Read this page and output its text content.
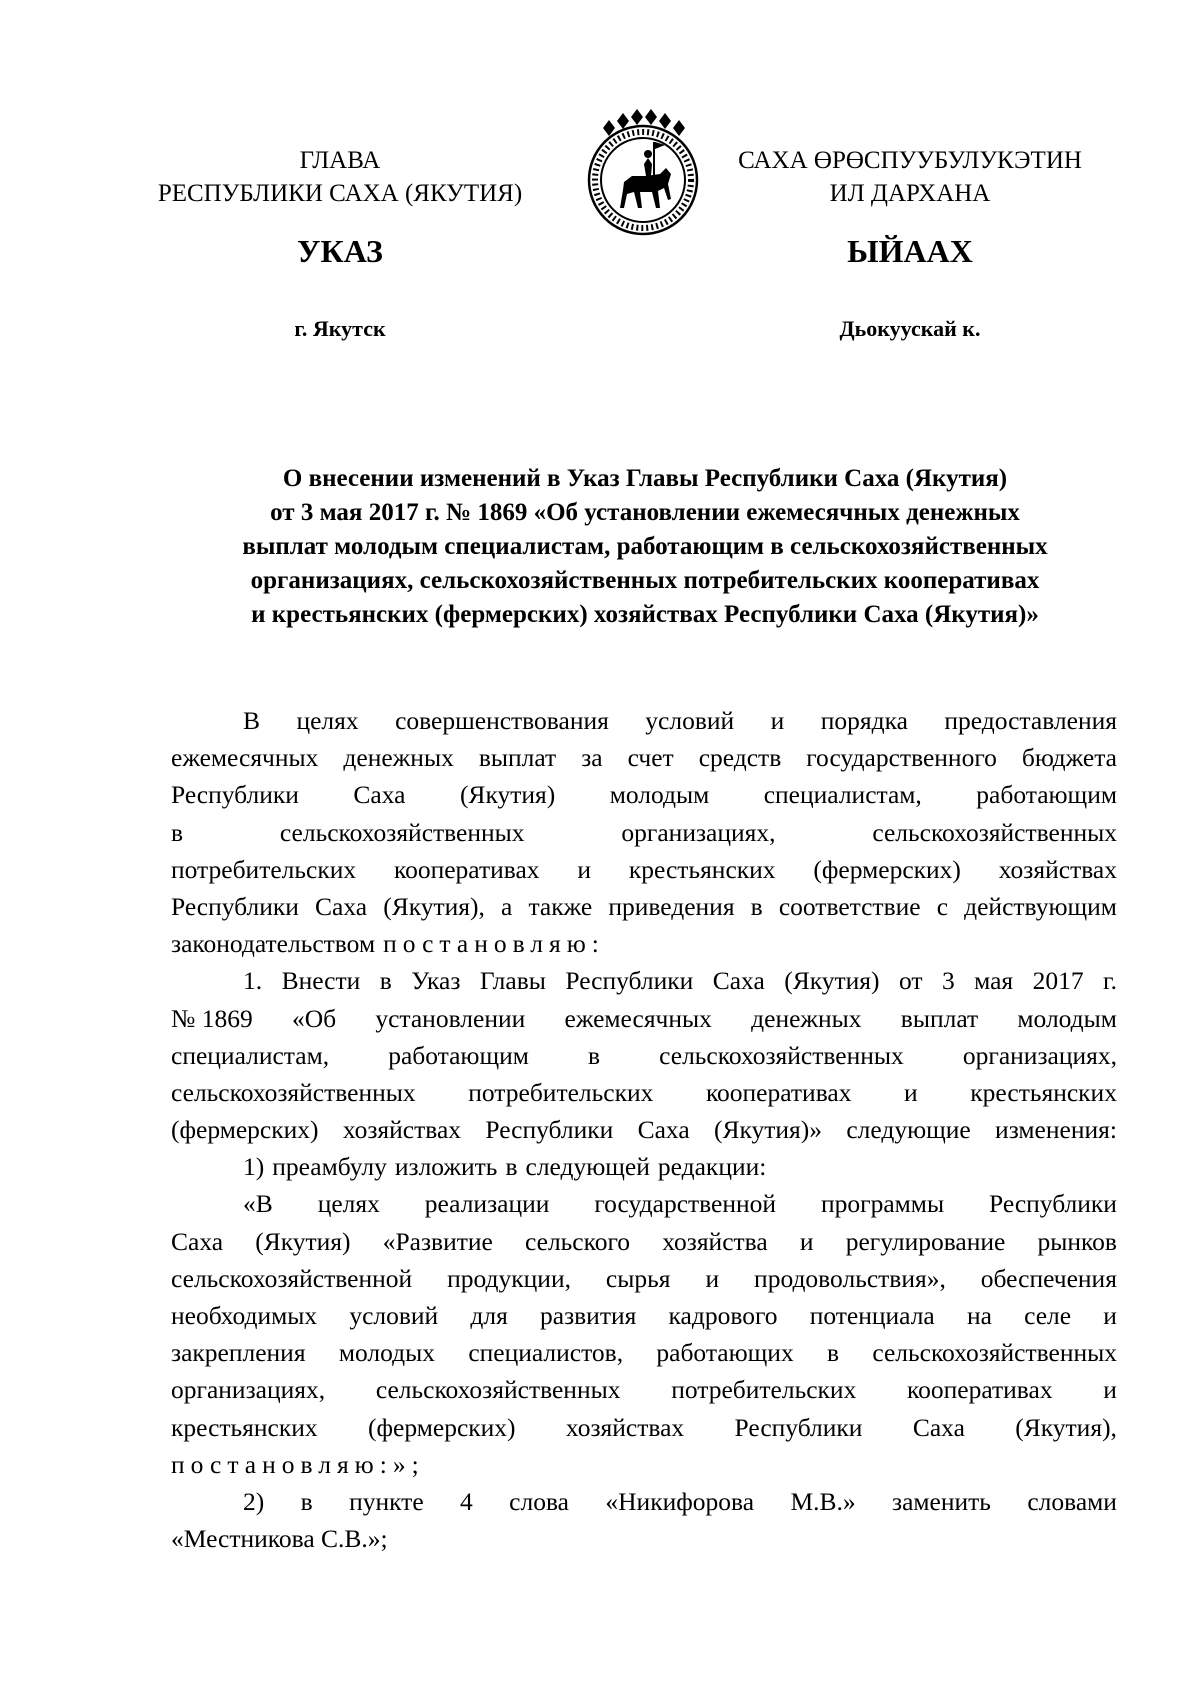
ГЛАВА
РЕСПУБЛИКИ САХА (ЯКУТИЯ)
САХА ӨРӨСПУУБУЛУКЭТИН
ИЛ ДАРХАНА
УКАЗ	ЫЙААХ
г. Якутск	Дьокуускай к.
О внесении изменений в Указ Главы Республики Саха (Якутия)
от 3 мая 2017 г. № 1869 «Об установлении ежемесячных денежных
выплат молодым специалистам, работающим в сельскохозяйственных
организациях, сельскохозяйственных потребительских кооперативах
и крестьянских (фермерских) хозяйствах Республики Саха (Якутия)»
В целях совершенствования условий и порядка предоставления
ежемесячных денежных выплат за счет средств государственного бюджета
Республики Саха (Якутия) молодым специалистам, работающим
в	сельскохозяйственных	организациях,	сельскохозяйственных
потребительских кооперативах и крестьянских (фермерских) хозяйствах
Республики Саха (Якутия), а также приведения в соответствие с действующим
законодательством постановляю:
1. Внести в Указ Главы Республики Саха (Якутия) от 3 мая 2017 г.
№ 1869 «Об установлении ежемесячных денежных выплат молодым
специалистам, работающим в сельскохозяйственных организациях,
сельскохозяйственных потребительских кооперативах и крестьянских
(фермерских) хозяйствах Республики Саха (Якутия)» следующие изменения:
1) преамбулу изложить в следующей редакции:
«В целях реализации государственной программы Республики
Саха (Якутия) «Развитие сельского хозяйства и регулирование рынков
сельскохозяйственной продукции, сырья и продовольствия», обеспечения
необходимых условий для развития кадрового потенциала на селе и
закрепления молодых специалистов, работающих в сельскохозяйственных
организациях, сельскохозяйственных потребительских кооперативах и
крестьянских (фермерских) хозяйствах Республики Саха (Якутия),
постановляю:»;
2) в пункте 4 слова «Никифорова М.В.» заменить словами
«Местникова С.В.»;
